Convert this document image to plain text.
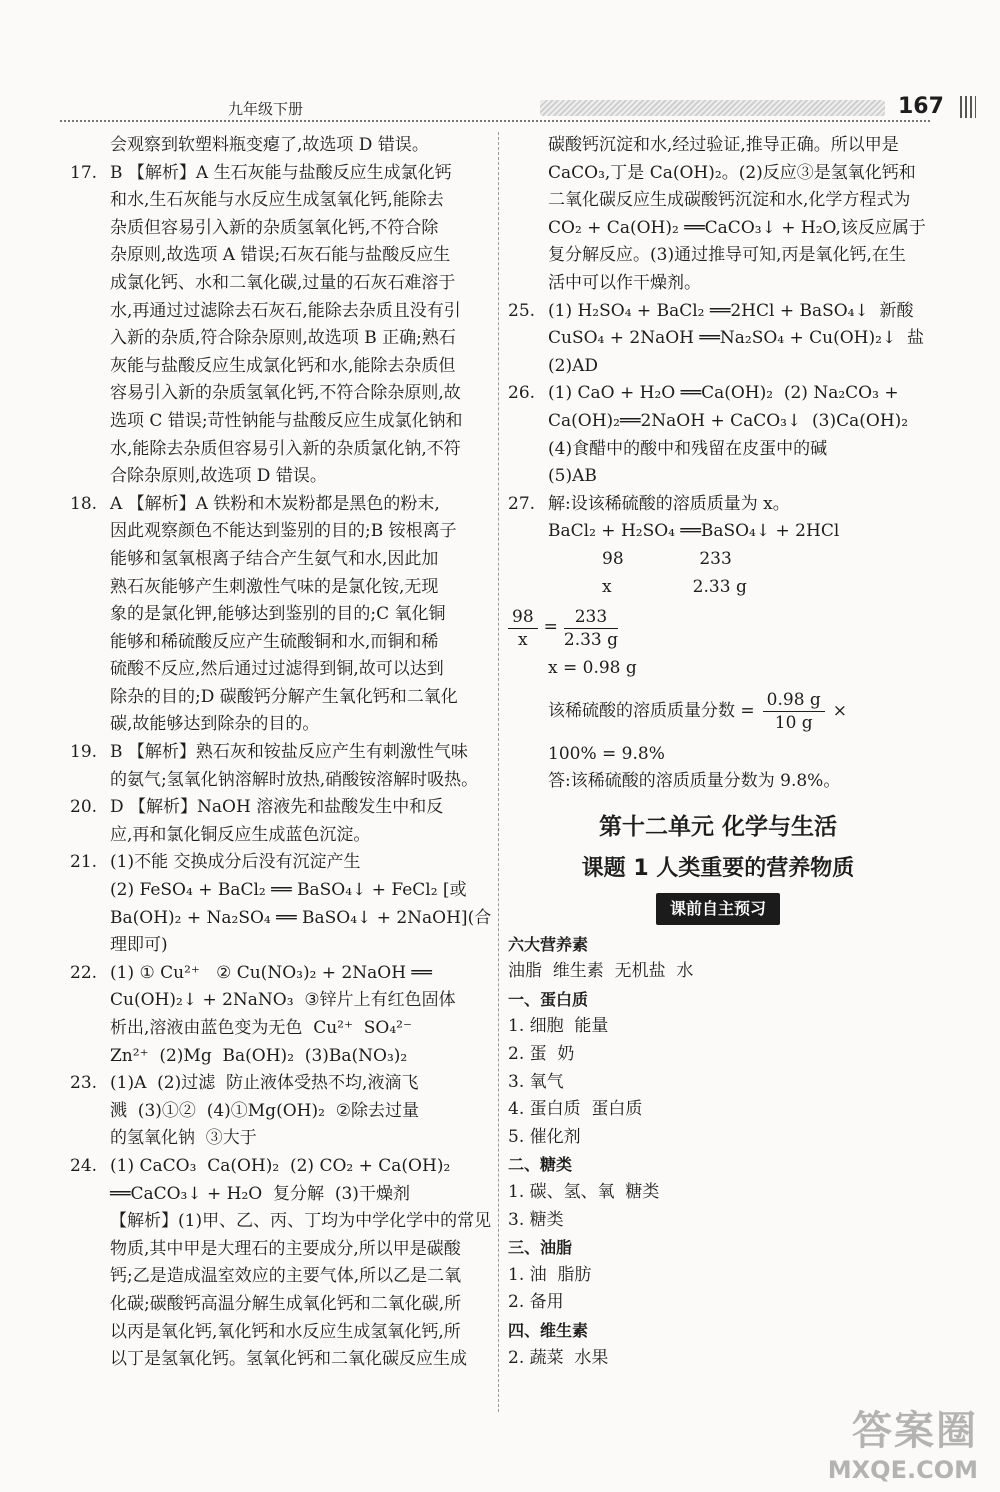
九年级下册	167
会观察到软塑料瓶变瘪了,故选项 D 错误。
17. B 【解析】A 生石灰能与盐酸反应生成氯化钙
和水,生石灰能与水反应生成氢氧化钙,能除去
杂质但容易引入新的杂质氢氧化钙,不符合除
杂原则,故选项 A 错误;石灰石能与盐酸反应生
成氯化钙、水和二氧化碳,过量的石灰石难溶于
水,再通过过滤除去石灰石,能除去杂质且没有引
入新的杂质,符合除杂原则,故选项 B 正确;熟石
灰能与盐酸反应生成氯化钙和水,能除去杂质但
容易引入新的杂质氢氧化钙,不符合除杂原则,故
选项 C 错误;苛性钠能与盐酸反应生成氯化钠和
水,能除去杂质但容易引入新的杂质氯化钠,不符
合除杂原则,故选项 D 错误。
18. A 【解析】A 铁粉和木炭粉都是黑色的粉末,
因此观察颜色不能达到鉴别的目的;B 铵根离子
能够和氢氧根离子结合产生氨气和水,因此加
熟石灰能够产生刺激性气味的是氯化铵,无现
象的是氯化钾,能够达到鉴别的目的;C 氧化铜
能够和稀硫酸反应产生硫酸铜和水,而铜和稀
硫酸不反应,然后通过过滤得到铜,故可以达到
除杂的目的;D 碳酸钙分解产生氧化钙和二氧化
碳,故能够达到除杂的目的。
19. B 【解析】熟石灰和铵盐反应产生有刺激性气味
的氨气;氢氧化钠溶解时放热,硝酸铵溶解时吸热。
20. D 【解析】NaOH 溶液先和盐酸发生中和反
应,再和氯化铜反应生成蓝色沉淀。
21. (1)不能 交换成分后没有沉淀产生
(2) FeSO₄ + BaCl₂ ══ BaSO₄↓ + FeCl₂ [或
Ba(OH)₂ + Na₂SO₄ ══ BaSO₄↓ + 2NaOH](合
理即可)
22. (1) ① Cu²⁺   ② Cu(NO₃)₂ + 2NaOH ══
Cu(OH)₂↓ + 2NaNO₃  ③锌片上有红色固体
析出,溶液由蓝色变为无色  Cu²⁺  SO₄²⁻
Zn²⁺  (2)Mg  Ba(OH)₂  (3)Ba(NO₃)₂
23. (1)A  (2)过滤  防止液体受热不均,液滴飞
溅  (3)①②  (4)①Mg(OH)₂  ②除去过量
的氢氧化钠  ③大于
24. (1) CaCO₃  Ca(OH)₂  (2) CO₂ + Ca(OH)₂
══CaCO₃↓ + H₂O  复分解  (3)干燥剂
【解析】(1)甲、乙、丙、丁均为中学化学中的常见
物质,其中甲是大理石的主要成分,所以甲是碳酸
钙;乙是造成温室效应的主要气体,所以乙是二氧
化碳;碳酸钙高温分解生成氧化钙和二氧化碳,所
以丙是氧化钙,氧化钙和水反应生成氢氧化钙,所
以丁是氢氧化钙。氢氧化钙和二氧化碳反应生成
碳酸钙沉淀和水,经过验证,推导正确。所以甲是
CaCO₃,丁是 Ca(OH)₂。(2)反应③是氢氧化钙和
二氧化碳反应生成碳酸钙沉淀和水,化学方程式为
CO₂ + Ca(OH)₂ ══CaCO₃↓ + H₂O,该反应属于
复分解反应。(3)通过推导可知,丙是氧化钙,在生
活中可以作干燥剂。
25. (1) H₂SO₄ + BaCl₂ ══2HCl + BaSO₄↓  新酸
CuSO₄ + 2NaOH ══Na₂SO₄ + Cu(OH)₂↓  盐
(2)AD
26. (1) CaO + H₂O ══Ca(OH)₂  (2) Na₂CO₃ +
Ca(OH)₂══2NaOH + CaCO₃↓  (3)Ca(OH)₂
(4)食醋中的酸中和残留在皮蛋中的碱
(5)AB
27. 解:设该稀硫酸的溶质质量为 x。
BaCl₂ + H₂SO₄ ══BaSO₄↓ + 2HCl
98              233
x               2.33 g
$\frac{98}{x} = \frac{233}{2.33 g}$
x = 0.98 g
该稀硫酸的溶质质量分数 = $\frac{0.98 g}{10 g}$ ×
100% = 9.8%
答:该稀硫酸的溶质质量分数为 9.8%。
第十二单元 化学与生活
课题 1 人类重要的营养物质
课前自主预习
六大营养素
油脂  维生素  无机盐  水
一、蛋白质
1. 细胞  能量
2. 蛋  奶
3. 氧气
4. 蛋白质  蛋白质
5. 催化剂
二、糖类
1. 碳、氢、氧  糖类
3. 糖类
三、油脂
1. 油  脂肪
2. 备用
四、维生素
2. 蔬菜  水果
答案圈
MXQE.COM
